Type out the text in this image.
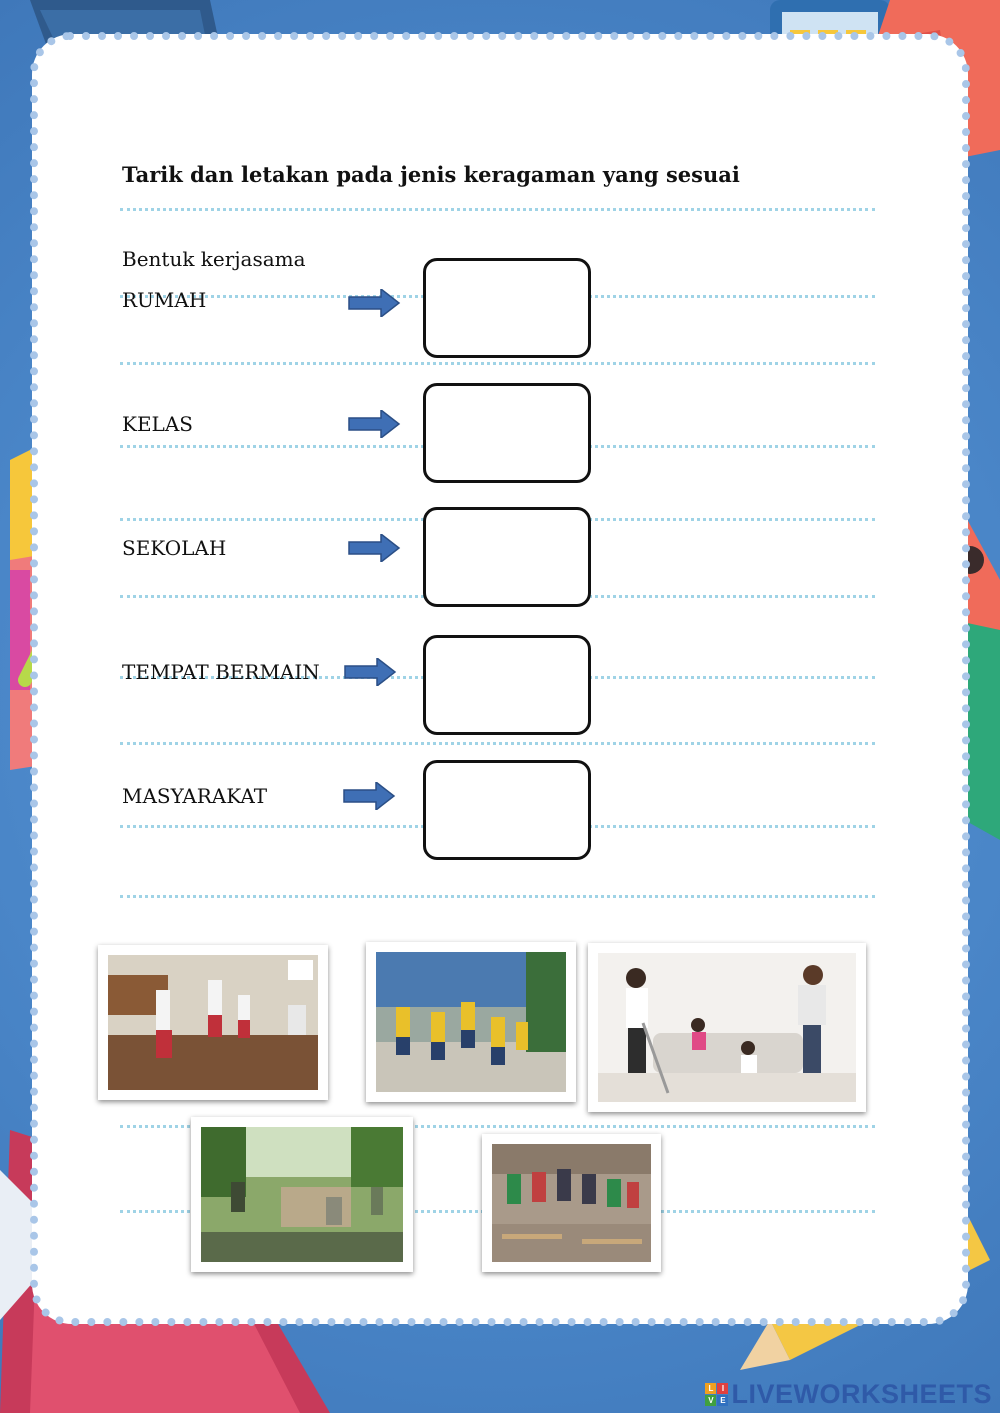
Tarik dan letakan pada jenis keragaman yang sesuai
Bentuk kerjasama
RUMAH
KELAS
SEKOLAH
TEMPAT BERMAIN
MASYARAKAT
L	I
V E LIVEWORKSHEETS
